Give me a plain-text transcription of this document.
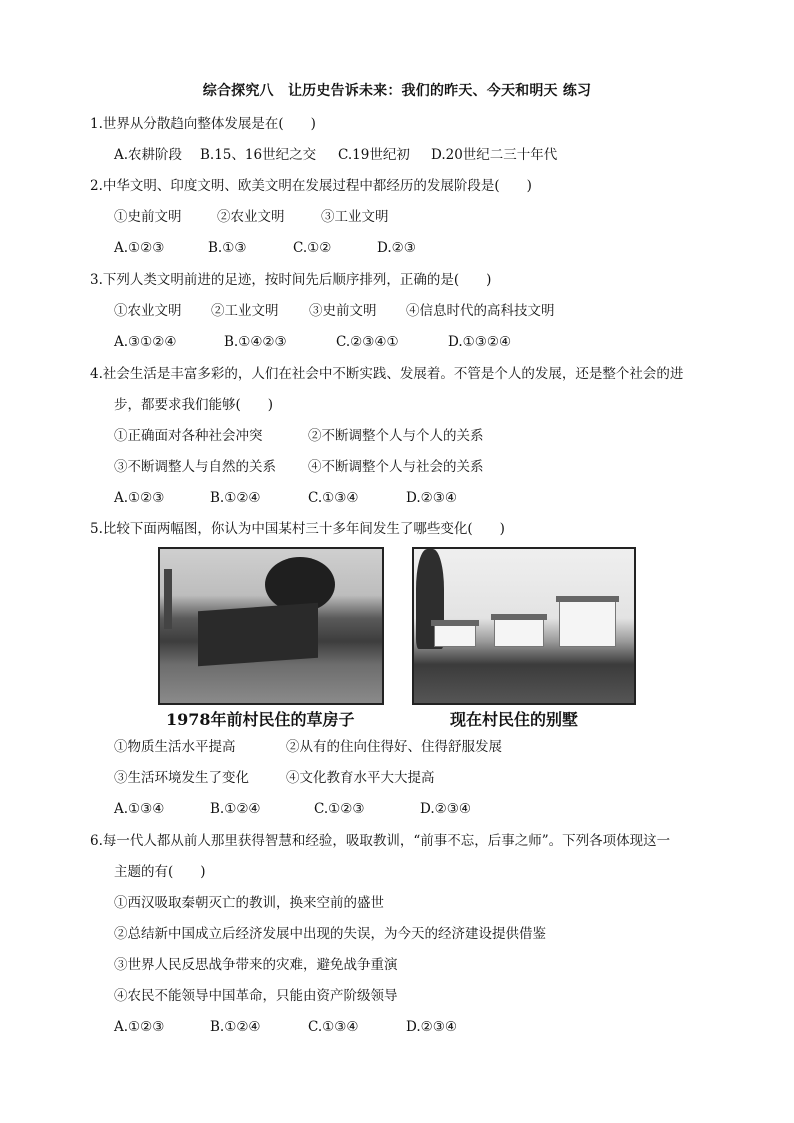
综合探究八　让历史告诉未来：我们的昨天、今天和明天 练习
1.世界从分散趋向整体发展是在(　　)
A.农耕阶段 B.15、16世纪之交 C.19世纪初 D.20世纪二三十年代
2.中华文明、印度文明、欧美文明在发展过程中都经历的发展阶段是(　　)
①史前文明	②农业文明	③工业文明
A.①②③	B.①③	C.①②	D.②③
3.下列人类文明前进的足迹，按时间先后顺序排列，正确的是(　　)
①农业文明 ②工业文明 ③史前文明 ④信息时代的高科技文明
A.③①②④	B.①④②③	C.②③④①	D.①③②④
4.社会生活是丰富多彩的，人们在社会中不断实践、发展着。不管是个人的发展，还是整个社会的进
步，都要求我们能够(　　)
①正确面对各种社会冲突	②不断调整个人与个人的关系
③不断调整人与自然的关系 ④不断调整个人与社会的关系
A.①②③	B.①②④	C.①③④	D.②③④
5.比较下面两幅图，你认为中国某村三十多年间发生了哪些变化(　　)
1978年前村民住的草房子	现在村民住的别墅
①物质生活水平提高	②从有的住向住得好、住得舒服发展
③生活环境发生了变化	④文化教育水平大大提高
A.①③④	B.①②④	C.①②③	D.②③④
6.每一代人都从前人那里获得智慧和经验，吸取教训，“前事不忘，后事之师”。下列各项体现这一
主题的有(　　)
①西汉吸取秦朝灭亡的教训，换来空前的盛世
②总结新中国成立后经济发展中出现的失误，为今天的经济建设提供借鉴
③世界人民反思战争带来的灾难，避免战争重演
④农民不能领导中国革命，只能由资产阶级领导
A.①②③	B.①②④	C.①③④	D.②③④
